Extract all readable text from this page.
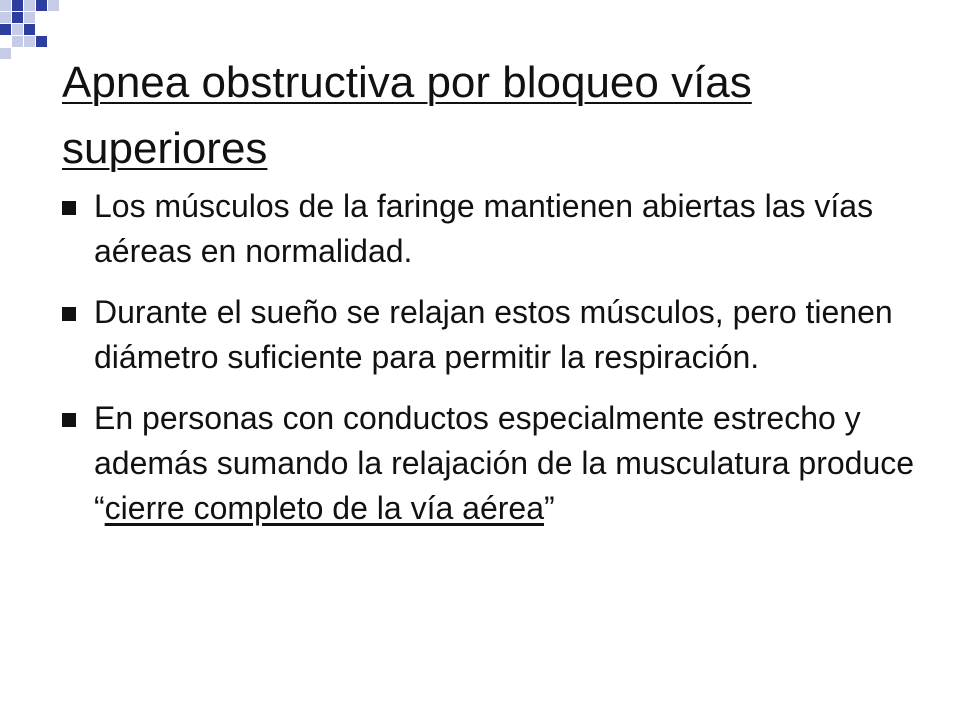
Apnea obstructiva por bloqueo vías superiores
Los músculos de la faringe mantienen abiertas las vías aéreas en normalidad.
Durante el sueño se relajan estos músculos, pero tienen diámetro suficiente para permitir la respiración.
En personas con conductos especialmente estrecho y además sumando la relajación de la musculatura produce “cierre completo de la vía aérea”
